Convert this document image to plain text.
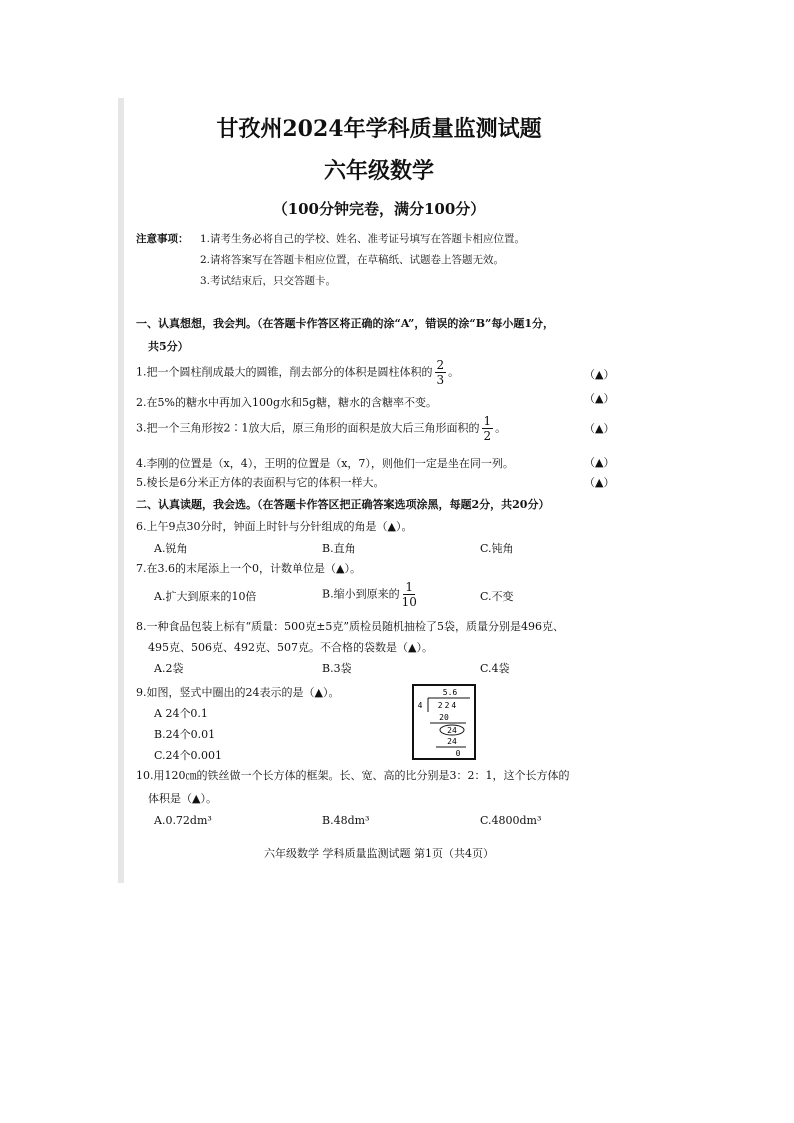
甘孜州2024年学科质量监测试题
六年级数学
（100分钟完卷，满分100分）
注意事项：	1.请考生务必将自己的学校、姓名、准考证号填写在答题卡相应位置。
2.请将答案写在答题卡相应位置，在草稿纸、试题卷上答题无效。
3.考试结束后，只交答题卡。
一、认真想想，我会判。（在答题卡作答区将正确的涂“A”，错误的涂“B”每小题1分，
共5分）
1.把一个圆柱削成最大的圆锥，削去部分的体积是圆柱体积的 $\frac{2}{3}$ 。	（▲）
2.在5%的糖水中再加入100g水和5g糖，糖水的含糖率不变。	（▲）
3.把一个三角形按2∶1放大后，原三角形的面积是放大后三角形面积的 $\frac{1}{2}$ 。	（▲）
4.李刚的位置是（x，4），王明的位置是（x，7），则他们一定是坐在同一列。	（▲）
5.棱长是6分米正方体的表面积与它的体积一样大。	（▲）
二、认真读题，我会选。（在答题卡作答区把正确答案选项涂黑，每题2分，共20分）
6.上午9点30分时，钟面上时针与分针组成的角是（▲）。
A.锐角	B.直角	C.钝角
7.在3.6的末尾添上一个0，计数单位是（▲）。
A.扩大到原来的10倍	B.缩小到原来的 $\frac{1}{10}$	C.不变
8.一种食品包装上标有“质量：500克±5克”质检员随机抽检了5袋，质量分别是496克、
495克、506克、492克、507克。不合格的袋数是（▲）。
A.2袋	B.3袋	C.4袋
9.如图，竖式中圈出的24表示的是（▲）。
A 24个0.1
B.24个0.01
C.24个0.001
5.6
4 224
20
24
24
0
10.用120㎝的铁丝做一个长方体的框架。长、宽、高的比分别是3：2：1，这个长方体的
体积是（▲）。
A.0.72dm³	B.48dm³	C.4800dm³
六年级数学 学科质量监测试题 第1页（共4页）
